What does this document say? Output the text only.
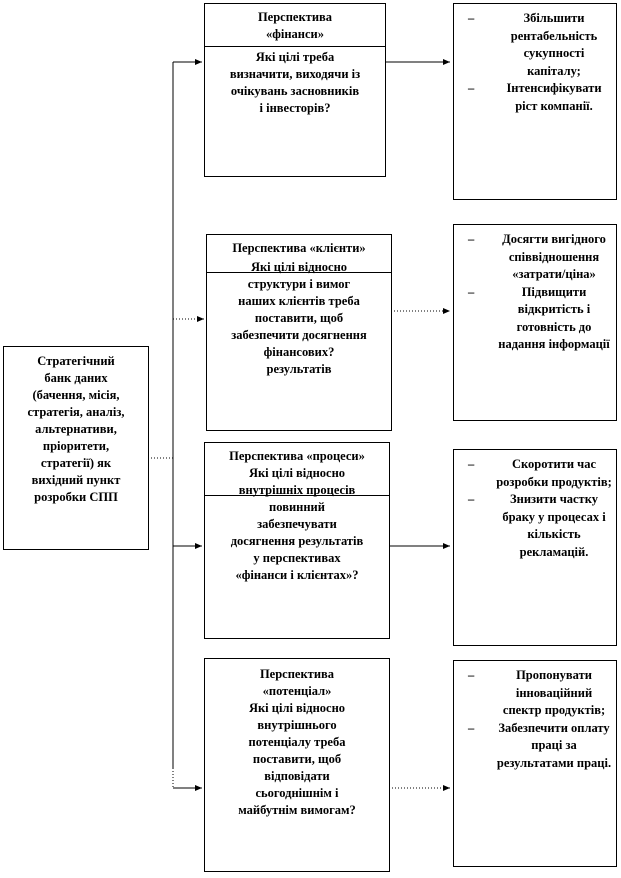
Стратегічний
банк даних
(бачення, місія,
стратегія, аналіз,
альтернативи,
пріоритети,
стратегії) як
вихідний пункт
розробки СПП
Перспектива
«фінанси»
Які цілі треба
визначити, виходячи із
очікувань засновників
і інвесторів?
Перспектива «клієнти»
Які цілі відносно
структури і вимог
наших клієнтів треба
поставити, щоб
забезпечити досягнення
фінансових?
результатів
Перспектива «процеси»
Які цілі відносно
внутрішніх процесів
повинний
забезпечувати
досягнення результатів
у перспективах
«фінанси і клієнтах»?
Перспектива
«потенціал»
Які цілі відносно
внутрішнього
потенціалу треба
поставити, щоб
відповідати
сьогоднішнім і
майбутнім вимогам?
–	Збільшити рентабельність сукупності капіталу;
–	Інтенсифікувати ріст компанії.
– Досягти вигідного співвідношення «затрати/ціна»
–	Підвищити відкритість і готовність до надання інформації
–	Скоротити час розробки продуктів;
–	Знизити частку браку у процесах і кількість рекламацій.
–	Пропонувати інноваційний спектр продуктів;
– Забезпечити оплату праці за результатами праці.
